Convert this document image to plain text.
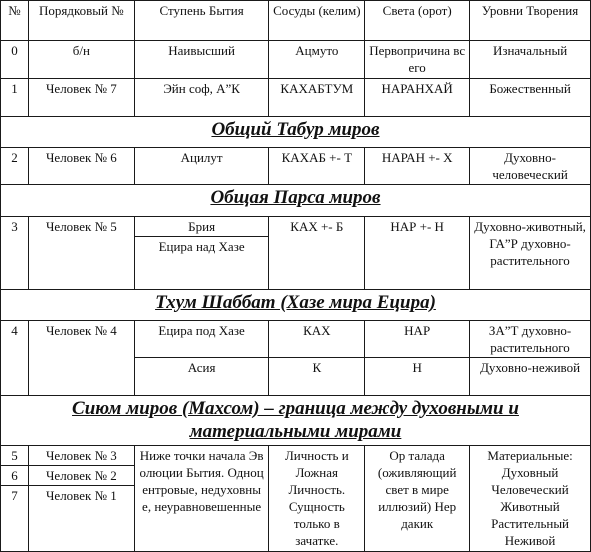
№	Порядковый №	Ступень Бытия	Сосуды (келим)	Света (орот)	Уровни Творения
0	б/н	Наивысший	Ацмуто	Первопричина всего	Изначальный
1	Человек № 7	Эйн соф, А”К	КАХАБТУМ	НАРАНХАЙ	Божественный
Общий Табур миров					
2	Человек № 6	Ацилут	КАХАБ +- Т	НАРАН +- Х	Духовно-человеческий
Общая Парса миров					
3	Человек № 5	Брия	КАХ +- Б	НАР +- Н	Духовно-животный, ГА”Р духовно-растительного
		Ецира над Хазе			
Тхум Шаббат (Хазе мира Ецира)					
4	Человек № 4	Ецира под Хазе	КАХ	НАР	ЗА”Т духовно-растительного
		Асия	К	Н	Духовно-неживой
Сиюм миров (Махсом) – граница между духовными и материальными мирами					
5	Человек № 3	Ниже точки начала Эволюции Бытия. Одноцентровые, недуховные, неуравновешенные	Личность и Ложная Личность. Сущность только в зачатке.	Ор талада (оживляющий свет в мире иллюзий) Нер дакик	Материальные: Духовный Человеческий Животный Растительный Неживой
6	Человек № 2				
7	Человек № 1				
